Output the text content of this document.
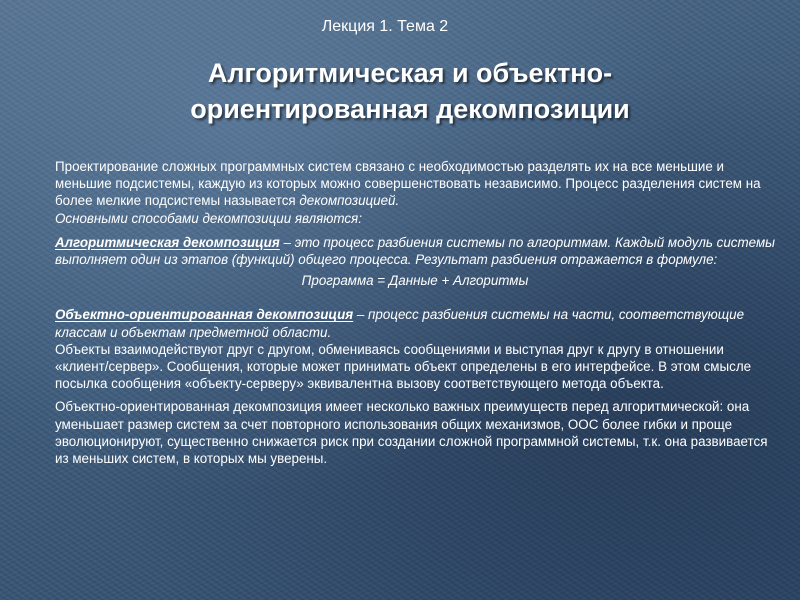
Лекция 1. Тема 2
Алгоритмическая и объектно-
ориентированная декомпозиции

Проектирование сложных программных систем связано с необходимостью разделять их на все меньшие и меньшие подсистемы, каждую из которых можно совершенствовать независимо. Процесс разделения систем на более мелкие подсистемы называется декомпозицией.

Основными способами декомпозиции являются:

Алгоритмическая декомпозиция – это процесс разбиения системы по алгоритмам. Каждый модуль системы выполняет один из этапов (функций) общего процесса. Результат разбиения отражается в формуле:

Программа = Данные + Алгоритмы

Объектно-ориентированная декомпозиция – процесс разбиения системы на части, соответствующие классам и объектам предметной области.

Объекты взаимодействуют друг с другом, обмениваясь сообщениями и выступая друг к другу в отношении «клиент/сервер». Сообщения, которые может принимать объект определены в его интерфейсе. В этом смысле посылка сообщения «объекту-серверу» эквивалентна вызову соответствующего метода объекта.

Объектно-ориентированная декомпозиция имеет несколько важных преимуществ перед алгоритмической: она уменьшает размер систем за счет повторного использования общих механизмов, ООС более гибки и проще эволюционируют, существенно снижается риск при создании сложной программной системы, т.к. она развивается из меньших систем, в которых мы уверены.
